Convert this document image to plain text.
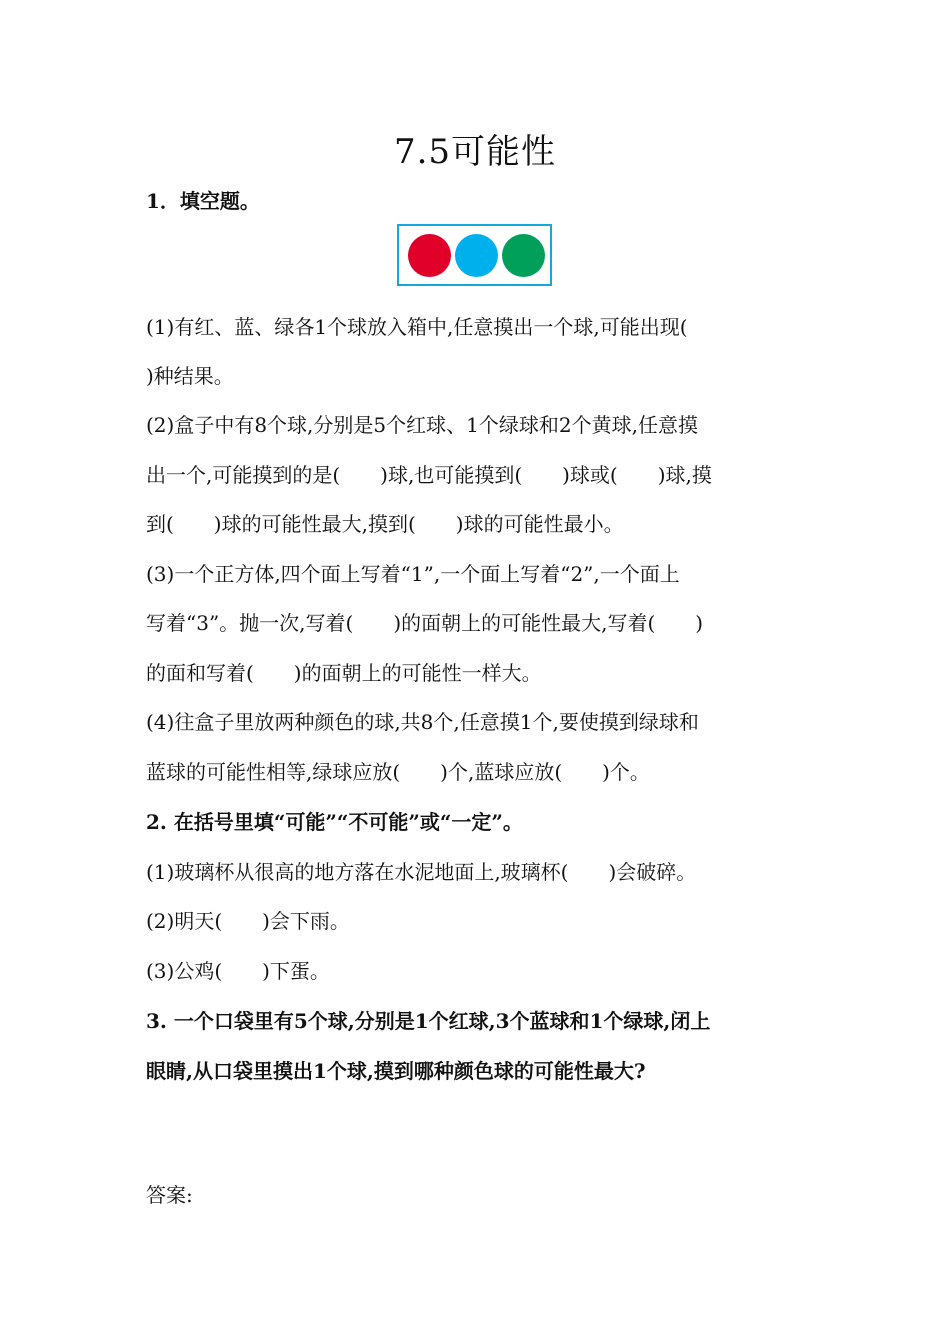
7.5可能性
1．填空题。
(1)有红、蓝、绿各1个球放入箱中,任意摸出一个球,可能出现(
)种结果。
(2)盒子中有8个球,分别是5个红球、1个绿球和2个黄球,任意摸
出一个,可能摸到的是(　　)球,也可能摸到(　　)球或(　　)球,摸
到(　　)球的可能性最大,摸到(　　)球的可能性最小。
(3)一个正方体,四个面上写着“1”,一个面上写着“2”,一个面上
写着“3”。抛一次,写着(　　)的面朝上的可能性最大,写着(　　)
的面和写着(　　)的面朝上的可能性一样大。
(4)往盒子里放两种颜色的球,共8个,任意摸1个,要使摸到绿球和
蓝球的可能性相等,绿球应放(　　)个,蓝球应放(　　)个。
2. 在括号里填“可能”“不可能”或“一定”。
(1)玻璃杯从很高的地方落在水泥地面上,玻璃杯(　　)会破碎。
(2)明天(　　)会下雨。
(3)公鸡(　　)下蛋。
3. 一个口袋里有5个球,分别是1个红球,3个蓝球和1个绿球,闭上
眼睛,从口袋里摸出1个球,摸到哪种颜色球的可能性最大?
答案:
